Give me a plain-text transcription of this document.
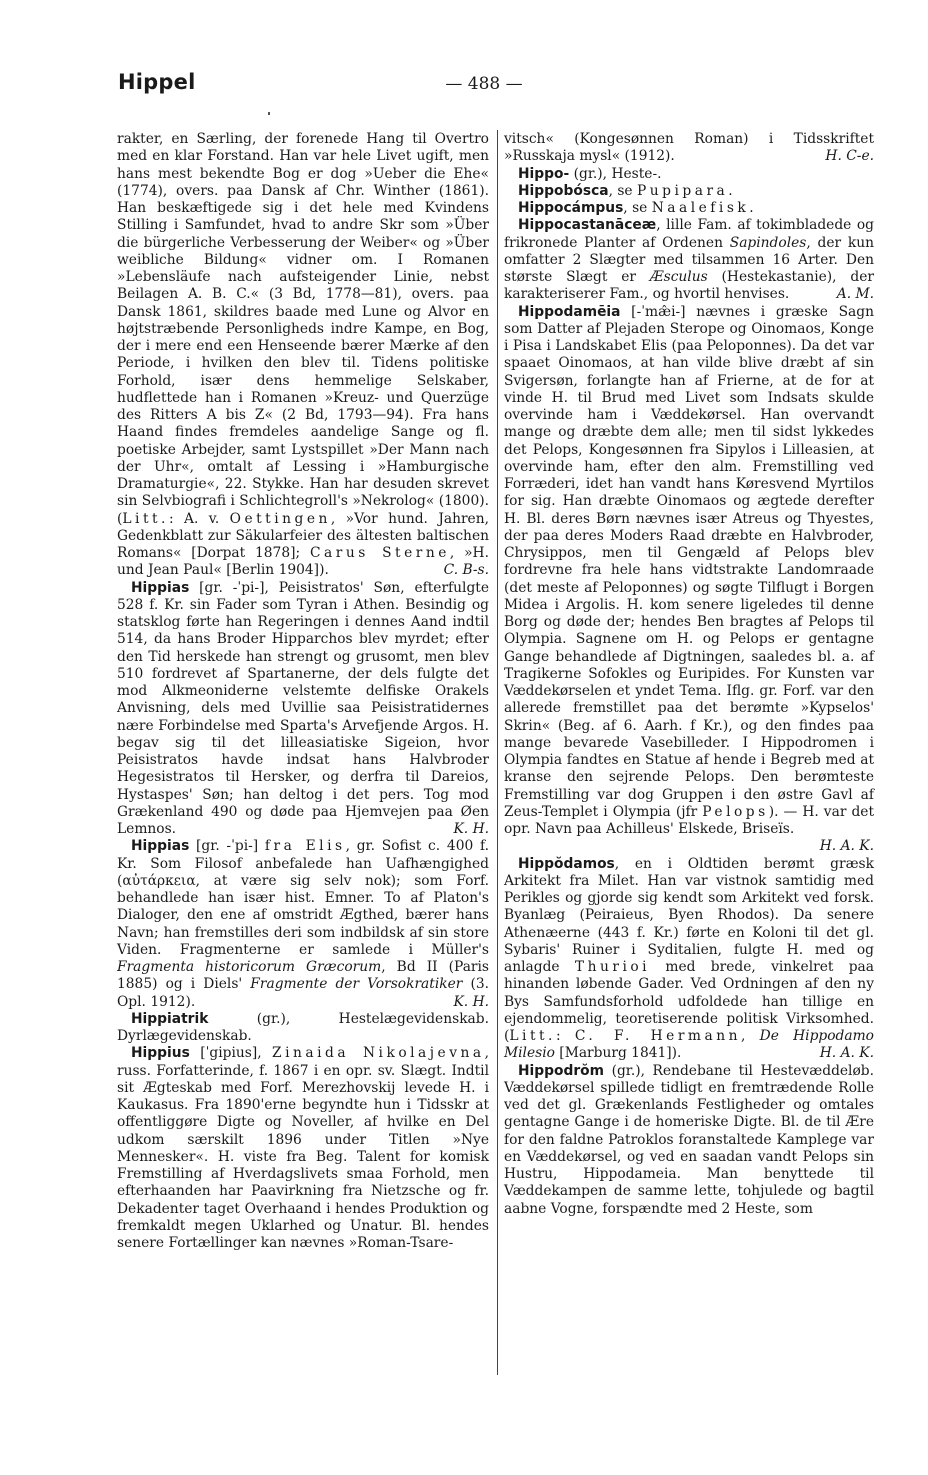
Hippel	— 488 —

rakter, en Særling, der forenede Hang til Overtro med en klar Forstand. Han var hele Livet ugift, men hans mest bekendte Bog er dog »Ueber die Ehe« (1774), overs. paa Dansk af Chr. Winther (1861). Han beskæftigede sig i det hele med Kvindens Stilling i Samfundet, hvad to andre Skr som »Über die bürgerliche Verbesserung der Weiber« og »Über weibliche Bildung« vidner om. I Romanen »Lebensläufe nach aufsteigender Linie, nebst Beilagen A. B. C.« (3 Bd, 1778—81), overs. paa Dansk 1861, skildres baade med Lune og Alvor en højtstræbende Personligheds indre Kampe, en Bog, der i mere end een Henseende bærer Mærke af den Periode, i hvilken den blev til. Tidens politiske Forhold, især dens hemmelige Selskaber, hudflettede han i Romanen »Kreuz- und Querzüge des Ritters A bis Z« (2 Bd, 1793—94). Fra hans Haand findes fremdeles aandelige Sange og fl. poetiske Arbejder, samt Lystspillet »Der Mann nach der Uhr«, omtalt af Lessing i »Hamburgische Dramaturgie«, 22. Stykke. Han har desuden skrevet sin Selvbiografi i Schlichtegroll's »Nekrolog« (1800). (Litt.: A. v. Oettingen, »Vor hund. Jahren, Gedenkblatt zur Säkularfeier des ältesten baltischen Romans« [Dorpat 1878]; Carus Sterne, »H. und Jean Paul« [Berlin 1904]).	C. B-s.

Hippias [gr. -ˈpi-], Peisistratos' Søn, efterfulgte 528 f. Kr. sin Fader som Tyran i Athen. Besindig og statsklog førte han Regeringen i dennes Aand indtil 514, da hans Broder Hipparchos blev myrdet; efter den Tid herskede han strengt og grusomt, men blev 510 fordrevet af Spartanerne, der dels fulgte det mod Alkmeoniderne velstemte delfiske Orakels Anvisning, dels med Uvillie saa Peisistratidernes nære Forbindelse med Sparta's Arvefjende Argos. H. begav sig til det lilleasiatiske Sigeion, hvor Peisistratos havde indsat hans Halvbroder Hegesistratos til Hersker, og derfra til Dareios, Hystaspes' Søn; han deltog i det pers. Tog mod Grækenland 490 og døde paa Hjemvejen paa Øen Lemnos.	K. H.

Hippias [gr. -ˈpi-] fra Elis, gr. Sofist c. 400 f. Kr. Som Filosof anbefalede han Uafhængighed (αὐτάρκεια, at være sig selv nok); som Forf. behandlede han især hist. Emner. To af Platon's Dialoger, den ene af omstridt Ægthed, bærer hans Navn; han fremstilles deri som indbildsk af sin store Viden. Fragmenterne er samlede i Müller's Fragmenta historicorum Græcorum, Bd II (Paris 1885) og i Diels' Fragmente der Vorsokratiker (3. Opl. 1912).	K. H.

Hippiatrik (gr.), Hestelægevidenskab. Dyrlægevidenskab.

Hippius [ˈgipius], Zinaida Nikolajevna, russ. Forfatterinde, f. 1867 i en opr. sv. Slægt. Indtil sit Ægteskab med Forf. Merezhovskij levede H. i Kaukasus. Fra 1890'erne begyndte hun i Tidsskr at offentliggøre Digte og Noveller, af hvilke en Del udkom særskilt 1896 under Titlen »Nye Mennesker«. H. viste fra Beg. Talent for komisk Fremstilling af Hverdagslivets smaa Forhold, men efterhaanden har Paavirkning fra Nietzsche og fr. Dekadenter taget Overhaand i hendes Produktion og fremkaldt megen Uklarhed og Unatur. Bl. hendes senere Fortællinger kan nævnes »Roman-Tsare-

vitsch« (Kongesønnen Roman) i Tidsskriftet »Russkaja mysl« (1912).	H. C-e.

Hippo- (gr.), Heste-.

Hippobósca, se Pupipara.

Hippocámpus, se Naalefisk.

Hippocastanāceæ, lille Fam. af tokimbladede og frikronede Planter af Ordenen Sapindoles, der kun omfatter 2 Slægter med tilsammen 16 Arter. Den største Slægt er Æsculus (Hestekastanie), der karakteriserer Fam., og hvortil henvises.	A. M.

Hippodamēia [-ˈmæ̂i-] nævnes i græske Sagn som Datter af Plejaden Sterope og Oinomaos, Konge i Pisa i Landskabet Elis (paa Peloponnes). Da det var spaaet Oinomaos, at han vilde blive dræbt af sin Svigersøn, forlangte han af Frierne, at de for at vinde H. til Brud med Livet som Indsats skulde overvinde ham i Væddekørsel. Han overvandt mange og dræbte dem alle; men til sidst lykkedes det Pelops, Kongesønnen fra Sipylos i Lilleasien, at overvinde ham, efter den alm. Fremstilling ved Forræderi, idet han vandt hans Køresvend Myrtilos for sig. Han dræbte Oinomaos og ægtede derefter H. Bl. deres Børn nævnes især Atreus og Thyestes, der paa deres Moders Raad dræbte en Halvbroder, Chrysippos, men til Gengæld af Pelops blev fordrevne fra hele hans vidtstrakte Landomraade (det meste af Peloponnes) og søgte Tilflugt i Borgen Midea i Argolis. H. kom senere ligeledes til denne Borg og døde der; hendes Ben bragtes af Pelops til Olympia. Sagnene om H. og Pelops er gentagne Gange behandlede af Digtningen, saaledes bl. a. af Tragikerne Sofokles og Euripides. For Kunsten var Væddekørselen et yndet Tema. Iflg. gr. Forf. var den allerede fremstillet paa det berømte »Kypselos' Skrin« (Beg. af 6. Aarh. f Kr.), og den findes paa mange bevarede Vasebilleder. I Hippodromen i Olympia fandtes en Statue af hende i Begreb med at kranse den sejrende Pelops. Den berømteste Fremstilling var dog Gruppen i den østre Gavl af Zeus-Templet i Olympia (jfr Pelops). — H. var det opr. Navn paa Achilleus' Elskede, Briseïs.

H. A. K.

Hippŏdamos, en i Oldtiden berømt græsk Arkitekt fra Milet. Han var vistnok samtidig med Perikles og gjorde sig kendt som Arkitekt ved forsk. Byanlæg (Peiraieus, Byen Rhodos). Da senere Athenæerne (443 f. Kr.) førte en Koloni til det gl. Sybaris' Ruiner i Syditalien, fulgte H. med og anlagde Thurioi med brede, vinkelret paa hinanden løbende Gader. Ved Ordningen af den ny Bys Samfundsforhold udfoldede han tillige en ejendommelig, teoretiserende politisk Virksomhed. (Litt.: C. F. Hermann, De Hippodamo Milesio [Marburg 1841]).	H. A. K.

Hippodrŏm (gr.), Rendebane til Hestevæddeløb. Væddekørsel spillede tidligt en fremtrædende Rolle ved det gl. Grækenlands Festligheder og omtales gentagne Gange i de homeriske Digte. Bl. de til Ære for den faldne Patroklos foranstaltede Kamplege var en Væddekørsel, og ved en saadan vandt Pelops sin Hustru, Hippodameia. Man benyttede til Væddekampen de samme lette, tohjulede og bagtil aabne Vogne, forspændte med 2 Heste, som
